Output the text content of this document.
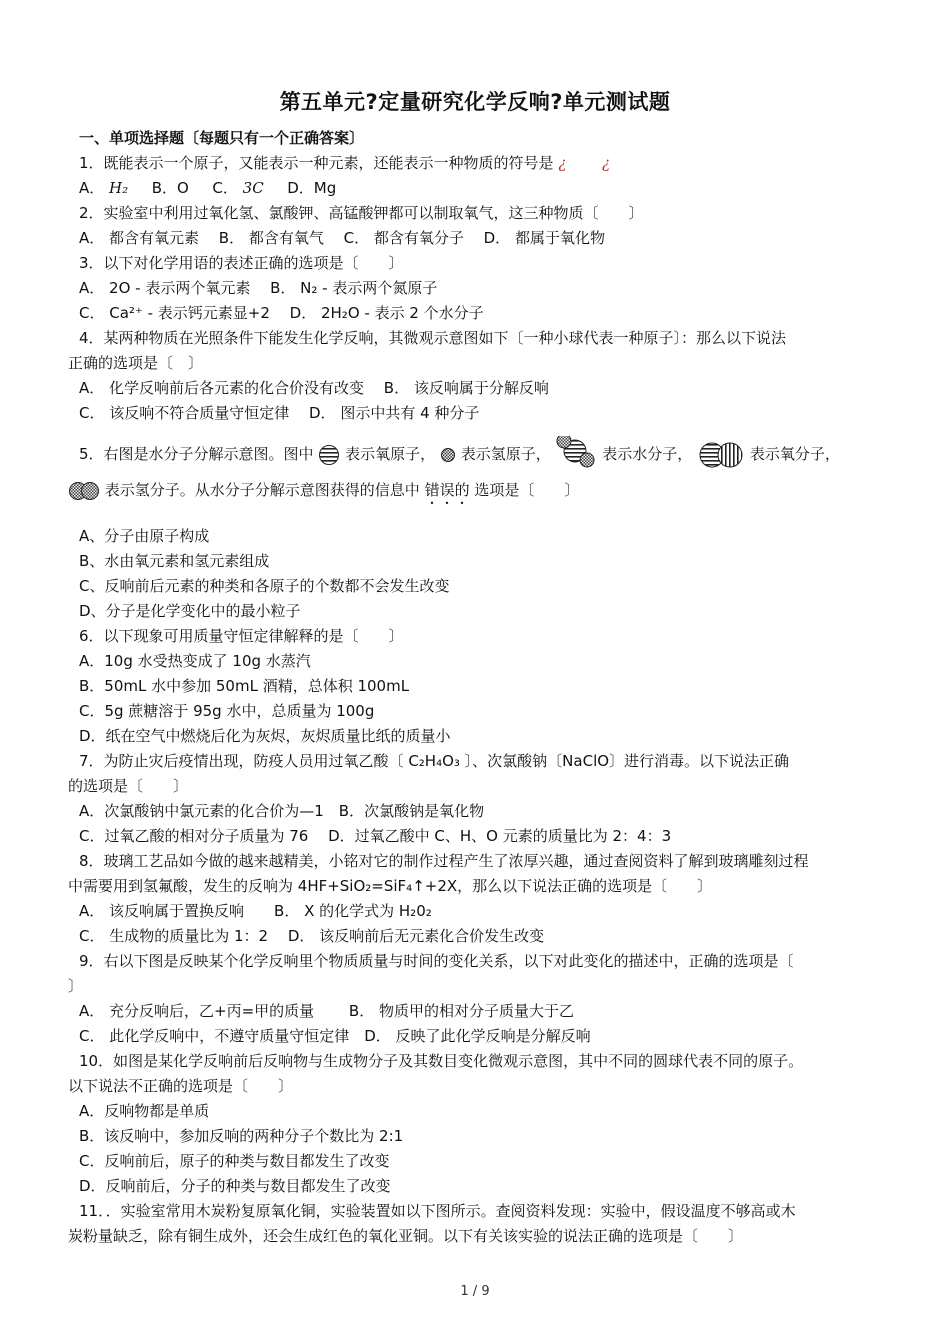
第五单元?定量研究化学反响?单元测试题
一、单项选择题〔每题只有一个正确答案〕
1．既能表示一个原子，又能表示一种元素，还能表示一种物质的符号是 ¿ ¿
A． H₂ B．O C． 3C D．Mg
2．实验室中利用过氧化氢、氯酸钾、高锰酸钾都可以制取氧气，这三种物质〔　　〕
A． 都含有氧元素　 B． 都含有氧气　 C． 都含有氧分子　 D． 都属于氧化物
3．以下对化学用语的表述正确的选项是〔　　〕
A． 2O - 表示两个氧元素　 B． N₂ - 表示两个氮原子
C． Ca²⁺ - 表示钙元素显+2　 D． 2H₂O - 表示 2 个水分子
4．某两种物质在光照条件下能发生化学反响，其微观示意图如下〔一种小球代表一种原子〕：那么以下说法
正确的选项是〔　〕
A． 化学反响前后各元素的化合价没有改变　 B． 该反响属于分解反响
C． 该反响不符合质量守恒定律　 D． 图示中共有 4 种分子
5．右图是水分子分解示意图。图中 表示氧原子， 表示氢原子，	表示水分子，	表示氧分子，
表示氢分子。从水分子分解示意图获得的信息中 错误的 选项是〔　　〕
A、分子由原子构成
B、水由氧元素和氢元素组成
C、反响前后元素的种类和各原子的个数都不会发生改变
D、分子是化学变化中的最小粒子
6．以下现象可用质量守恒定律解释的是〔　　〕
A．10g 水受热变成了 10g 水蒸汽
B．50mL 水中参加 50mL 酒精，总体积 100mL
C．5g 蔗糖溶于 95g 水中，总质量为 100g
D．纸在空气中燃烧后化为灰烬，灰烬质量比纸的质量小
7．为防止灾后疫情出现，防疫人员用过氧乙酸〔 C₂H₄O₃ 〕、次氯酸钠〔NaClO〕进行消毒。以下说法正确
的选项是〔　　〕
A．次氯酸钠中氯元素的化合价为—1　B．次氯酸钠是氧化物
C．过氧乙酸的相对分子质量为 76　 D．过氧乙酸中 C、H、O 元素的质量比为 2：4：3
8．玻璃工艺品如今做的越来越精美，小铭对它的制作过程产生了浓厚兴趣，通过查阅资料了解到玻璃雕刻过程
中需要用到氢氟酸，发生的反响为 4HF+SiO₂=SiF₄↑+2X，那么以下说法正确的选项是〔　　〕
A． 该反响属于置换反响　　B． X 的化学式为 H₂0₂
C． 生成物的质量比为 1：2　 D． 该反响前后无元素化合价发生改变
9．右以下图是反映某个化学反响里个物质质量与时间的变化关系，以下对此变化的描述中，正确的选项是〔
〕
A． 充分反响后，乙+丙=甲的质量　　 B． 物质甲的相对分子质量大于乙
C． 此化学反响中，不遵守质量守恒定律　D． 反映了此化学反响是分解反响
10．如图是某化学反响前后反响物与生成物分子及其数目变化微观示意图，其中不同的圆球代表不同的原子。
以下说法不正确的选项是〔　　〕
A．反响物都是单质
B．该反响中，参加反响的两种分子个数比为 2:1
C．反响前后，原子的种类与数目都发生了改变
D．反响前后，分子的种类与数目都发生了改变
11．．实验室常用木炭粉复原氧化铜，实验装置如以下图所示。查阅资料发现：实验中，假设温度不够高或木
炭粉量缺乏，除有铜生成外，还会生成红色的氧化亚铜。以下有关该实验的说法正确的选项是〔　　〕
1 / 9
